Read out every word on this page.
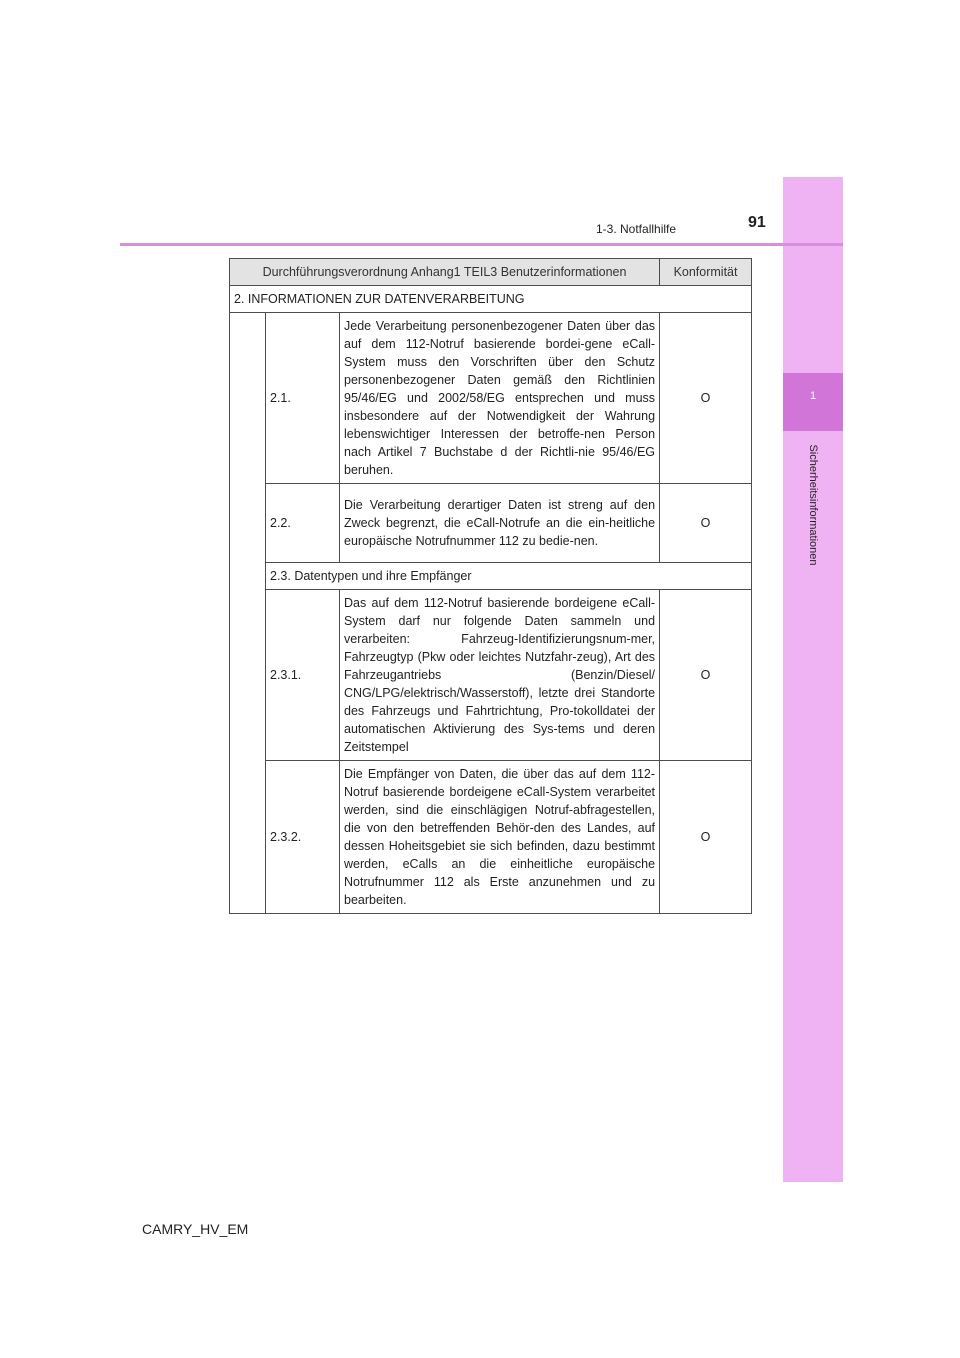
1
Sicherheitsinformationen
1-3. Notfallhilfe	91
Durchführungsverordnung Anhang1 TEIL3 Benutzerinformationen			Konformität
2. INFORMATIONEN ZUR DATENVERARBEITUNG			
	2.1.	Jede Verarbeitung personenbezogener Daten über das auf dem 112-Notruf basierende bordei-gene eCall-System muss den Vorschriften über den Schutz personenbezogener Daten gemäß den Richtlinien 95/46/EG und 2002/58/EG entsprechen und muss insbesondere auf der Notwendigkeit der Wahrung lebenswichtiger Interessen der betroffe-nen Person nach Artikel 7 Buchstabe d der Richtli-nie 95/46/EG beruhen.	O
	2.2.	Die Verarbeitung derartiger Daten ist streng auf den Zweck begrenzt, die eCall-Notrufe an die ein-heitliche europäische Notrufnummer 112 zu bedie-nen.	O
	2.3. Datentypen und ihre Empfänger		
	2.3.1.	Das auf dem 112-Notruf basierende bordeigene eCall-System darf nur folgende Daten sammeln und verarbeiten: Fahrzeug-Identifizierungsnum-mer, Fahrzeugtyp (Pkw oder leichtes Nutzfahr-zeug), Art des Fahrzeugantriebs (Benzin/Diesel/ CNG/LPG/elektrisch/Wasserstoff), letzte drei Standorte des Fahrzeugs und Fahrtrichtung, Pro-tokolldatei der automatischen Aktivierung des Sys-tems und deren Zeitstempel	O
	2.3.2.	Die Empfänger von Daten, die über das auf dem 112-Notruf basierende bordeigene eCall-System verarbeitet werden, sind die einschlägigen Notruf-abfragestellen, die von den betreffenden Behör-den des Landes, auf dessen Hoheitsgebiet sie sich befinden, dazu bestimmt werden, eCalls an die einheitliche europäische Notrufnummer 112 als Erste anzunehmen und zu bearbeiten.	O
CAMRY_HV_EM
